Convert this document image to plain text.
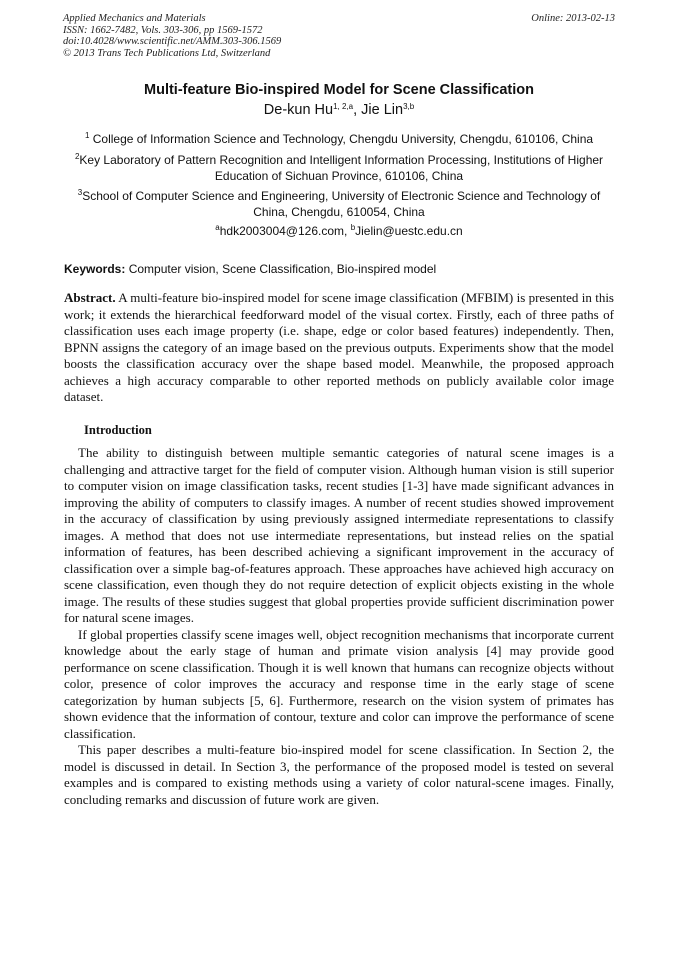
Applied Mechanics and Materials
ISSN: 1662-7482, Vols. 303-306, pp 1569-1572
doi:10.4028/www.scientific.net/AMM.303-306.1569
© 2013 Trans Tech Publications Ltd, Switzerland
Online: 2013-02-13
Multi-feature Bio-inspired Model for Scene Classification
De-kun Hu$^{1, 2,a}$, Jie Lin$^{3,b}$
$^1$ College of Information Science and Technology, Chengdu University, Chengdu, 610106, China
$^2$Key Laboratory of Pattern Recognition and Intelligent Information Processing, Institutions of Higher Education of Sichuan Province, 610106, China
$^3$School of Computer Science and Engineering, University of Electronic Science and Technology of China, Chengdu, 610054, China
$^a$hdk2003004@126.com, $^b$Jielin@uestc.edu.cn
Keywords: Computer vision, Scene Classification, Bio-inspired model
Abstract. A multi-feature bio-inspired model for scene image classification (MFBIM) is presented in this work; it extends the hierarchical feedforward model of the visual cortex. Firstly, each of three paths of classification uses each image property (i.e. shape, edge or color based features) independently. Then, BPNN assigns the category of an image based on the previous outputs. Experiments show that the model boosts the classification accuracy over the shape based model. Meanwhile, the proposed approach achieves a high accuracy comparable to other reported methods on publicly available color image dataset.
Introduction

The ability to distinguish between multiple semantic categories of natural scene images is a challenging and attractive target for the field of computer vision. Although human vision is still superior to computer vision on image classification tasks, recent studies [1-3] have made significant advances in improving the ability of computers to classify images. A number of recent studies showed improvement in the accuracy of classification by using previously assigned intermediate representations to classify images. A method that does not use intermediate representations, but instead relies on the spatial information of features, has been described achieving a significant improvement in the accuracy of classification over a simple bag-of-features approach. These approaches have achieved high accuracy on scene classification, even though they do not require detection of explicit objects existing in the whole image. The results of these studies suggest that global properties provide sufficient discrimination power for natural scene images.

If global properties classify scene images well, object recognition mechanisms that incorporate current knowledge about the early stage of human and primate vision analysis [4] may provide good performance on scene classification. Though it is well known that humans can recognize objects without color, presence of color improves the accuracy and response time in the early stage of scene categorization by human subjects [5, 6]. Furthermore, research on the vision system of primates has shown evidence that the information of contour, texture and color can improve the performance of scene classification.

This paper describes a multi-feature bio-inspired model for scene classification. In Section 2, the model is discussed in detail. In Section 3, the performance of the proposed model is tested on several examples and is compared to existing methods using a variety of color natural-scene images. Finally, concluding remarks and discussion of future work are given.
